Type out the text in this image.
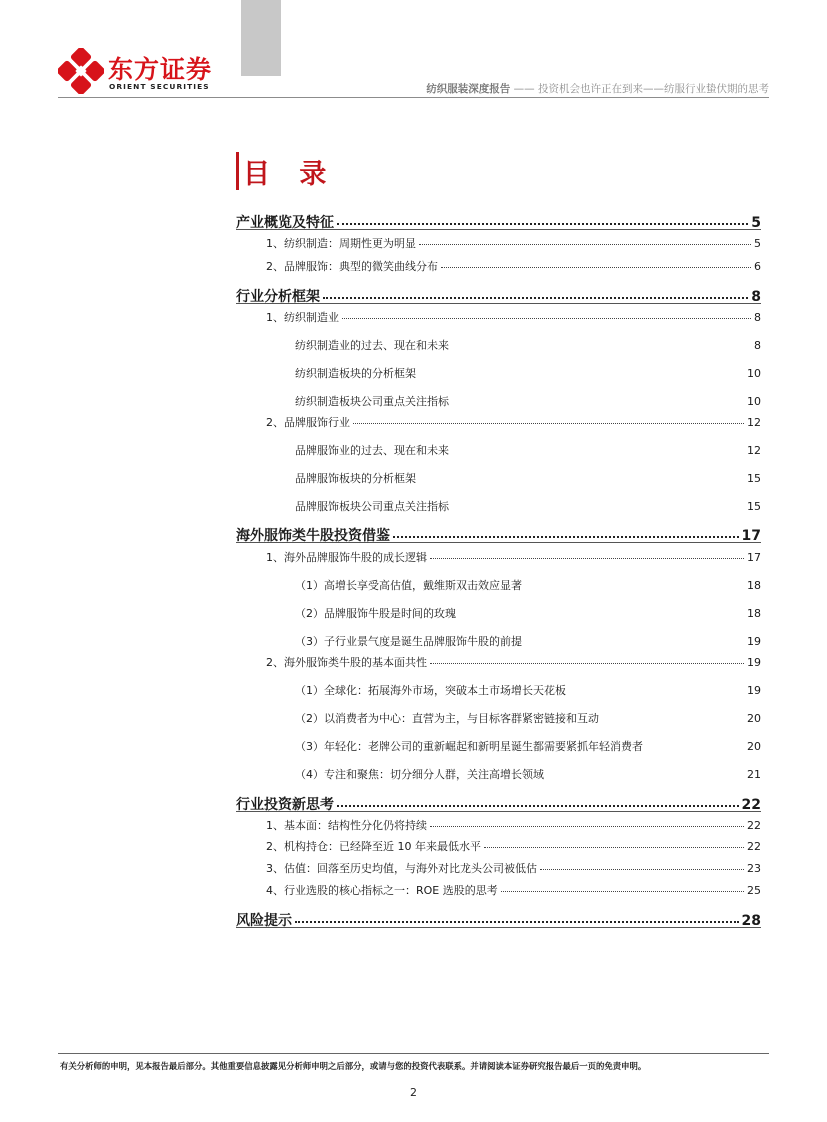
东方证券
ORIENT SECURITIES	纺织服装深度报告 —— 投资机会也许正在到来——纺服行业蛰伏期的思考
目 录
产业概览及特征	5
1、纺织制造：周期性更为明显	5
2、品牌服饰：典型的微笑曲线分布	6
行业分析框架	8
1、纺织制造业	8
纺织制造业的过去、现在和未来	8
纺织制造板块的分析框架	10
纺织制造板块公司重点关注指标	10
2、品牌服饰行业	12
品牌服饰业的过去、现在和未来	12
品牌服饰板块的分析框架	15
品牌服饰板块公司重点关注指标	15
海外服饰类牛股投资借鉴	17
1、海外品牌服饰牛股的成长逻辑	17
（1）高增长享受高估值，戴维斯双击效应显著	18
（2）品牌服饰牛股是时间的玫瑰	18
（3）子行业景气度是诞生品牌服饰牛股的前提	19
2、海外服饰类牛股的基本面共性	19
（1）全球化：拓展海外市场，突破本土市场增长天花板	19
（2）以消费者为中心：直营为主，与目标客群紧密链接和互动	20
（3）年轻化：老牌公司的重新崛起和新明星诞生都需要紧抓年轻消费者	20
（4）专注和聚焦：切分细分人群，关注高增长领域	21
行业投资新思考	22
1、基本面：结构性分化仍将持续	22
2、机构持仓：已经降至近 10 年来最低水平	22
3、估值：回落至历史均值，与海外对比龙头公司被低估	23
4、行业选股的核心指标之一：ROE 选股的思考	25
风险提示	28
有关分析师的申明，见本报告最后部分。其他重要信息披露见分析师申明之后部分，或请与您的投资代表联系。并请阅读本证券研究报告最后一页的免责申明。
2
